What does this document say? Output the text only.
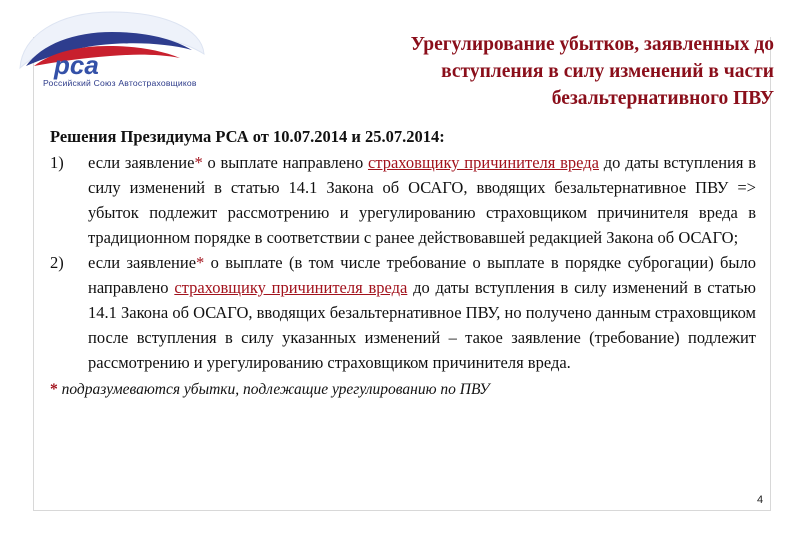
рса
Российский Союз Автостраховщиков
Урегулирование убытков, заявленных до
вступления в силу изменений в части
безальтернативного ПВУ
Решения Президиума РСА от 10.07.2014 и 25.07.2014:
1) если заявление* о выплате направлено страховщику причинителя вреда до даты вступления в силу изменений в статью 14.1 Закона об ОСАГО, вводящих безальтернативное ПВУ => убыток подлежит рассмотрению и урегулированию страховщиком причинителя вреда в традиционном порядке в соответствии с ранее действовавшей редакцией Закона об ОСАГО;
2) если заявление* о выплате (в том числе требование о выплате в порядке суброгации) было направлено страховщику причинителя вреда до даты вступления в силу изменений в статью 14.1 Закона об ОСАГО, вводящих безальтернативное ПВУ, но получено данным страховщиком после вступления в силу указанных изменений – такое заявление (требование) подлежит рассмотрению и урегулированию страховщиком причинителя вреда.
* подразумеваются убытки, подлежащие урегулированию по ПВУ
4
